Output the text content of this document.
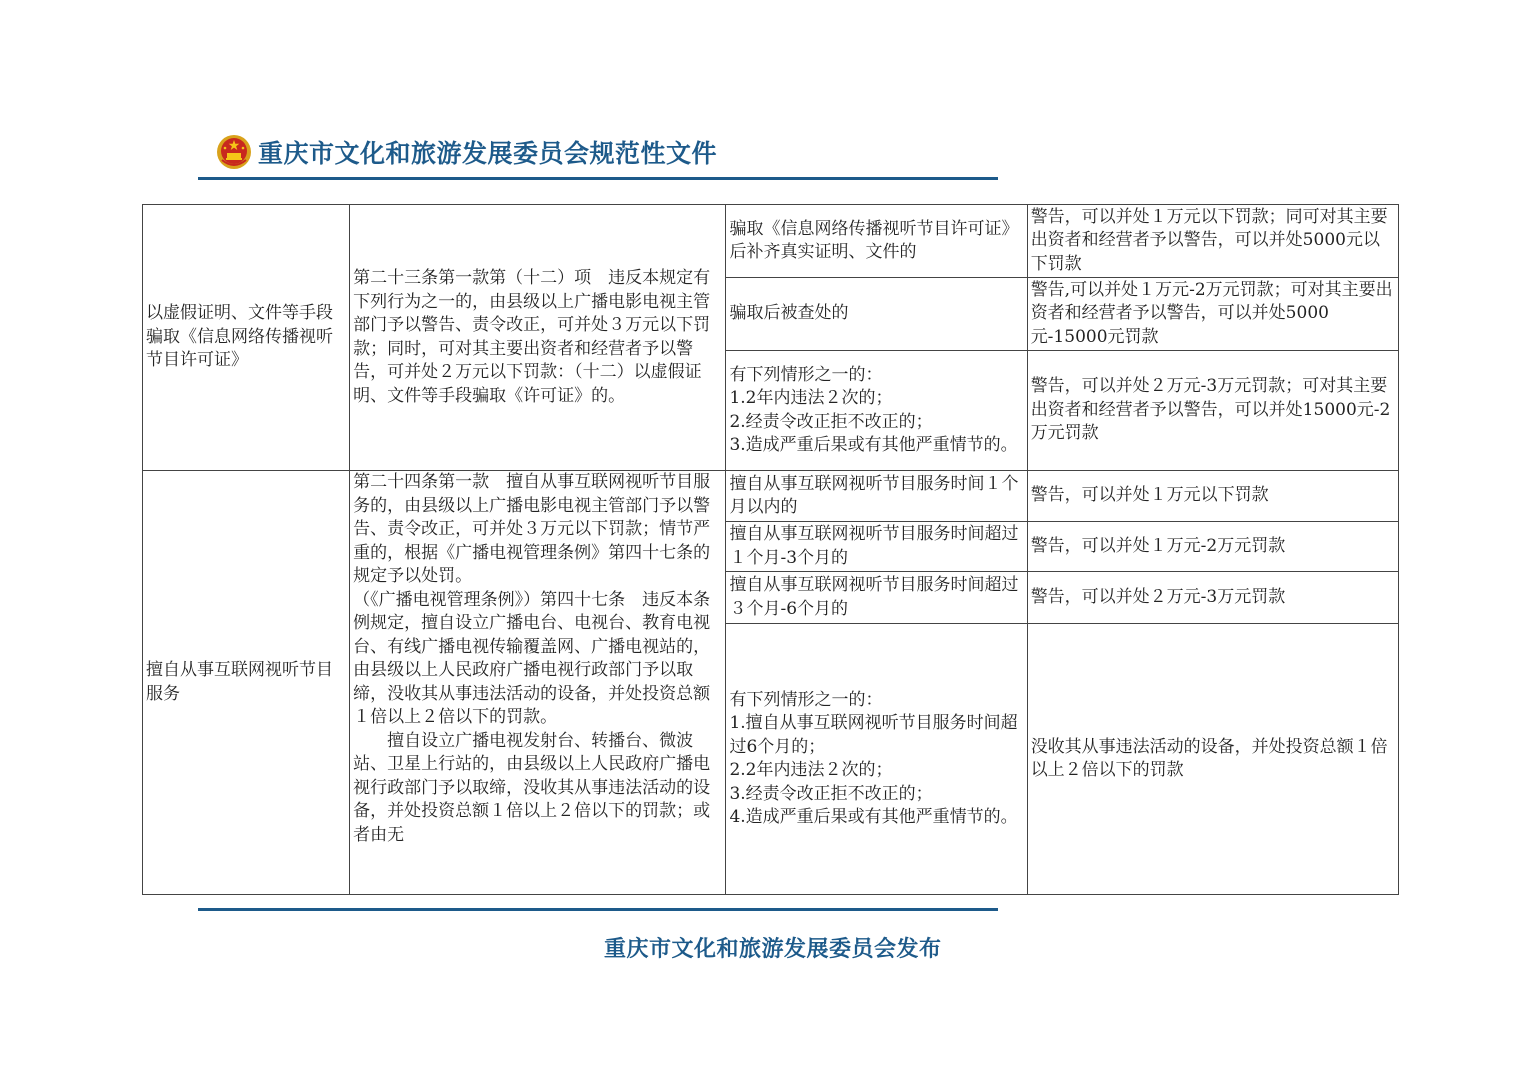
重庆市文化和旅游发展委员会规范性文件
以虚假证明、文件等手段骗取《信息网络传播视听节目许可证》	第二十三条第一款第（十二）项　违反本规定有下列行为之一的，由县级以上广播电影电视主管部门予以警告、责令改正，可并处３万元以下罚款；同时，可对其主要出资者和经营者予以警告，可并处２万元以下罚款：（十二）以虚假证明、文件等手段骗取《许可证》的。	骗取《信息网络传播视听节目许可证》后补齐真实证明、文件的	警告，可以并处１万元以下罚款；同可对其主要出资者和经营者予以警告，可以并处5000元以下罚款
		骗取后被查处的	警告,可以并处１万元-2万元罚款；可对其主要出资者和经营者予以警告，可以并处5000元-15000元罚款
		有下列情形之一的：
1.2年内违法２次的；
2.经责令改正拒不改正的；
3.造成严重后果或有其他严重情节的。	警告，可以并处２万元-3万元罚款；可对其主要出资者和经营者予以警告，可以并处15000元-2万元罚款
擅自从事互联网视听节目服务	第二十四条第一款　擅自从事互联网视听节目服务的，由县级以上广播电影电视主管部门予以警告、责令改正，可并处３万元以下罚款；情节严重的，根据《广播电视管理条例》第四十七条的规定予以处罚。
（《广播电视管理条例》）第四十七条　违反本条例规定，擅自设立广播电台、电视台、教育电视台、有线广播电视传输覆盖网、广播电视站的，由县级以上人民政府广播电视行政部门予以取缔，没收其从事违法活动的设备，并处投资总额１倍以上２倍以下的罚款。
擅自设立广播电视发射台、转播台、微波站、卫星上行站的，由县级以上人民政府广播电视行政部门予以取缔，没收其从事违法活动的设备，并处投资总额１倍以上２倍以下的罚款；或者由无	擅自从事互联网视听节目服务时间１个月以内的	警告，可以并处１万元以下罚款
		擅自从事互联网视听节目服务时间超过１个月-3个月的	警告，可以并处１万元-2万元罚款
		擅自从事互联网视听节目服务时间超过３个月-6个月的	警告，可以并处２万元-3万元罚款
		有下列情形之一的：
1.擅自从事互联网视听节目服务时间超过6个月的；
2.2年内违法２次的；
3.经责令改正拒不改正的；
4.造成严重后果或有其他严重情节的。	没收其从事违法活动的设备，并处投资总额１倍以上２倍以下的罚款
重庆市文化和旅游发展委员会发布
